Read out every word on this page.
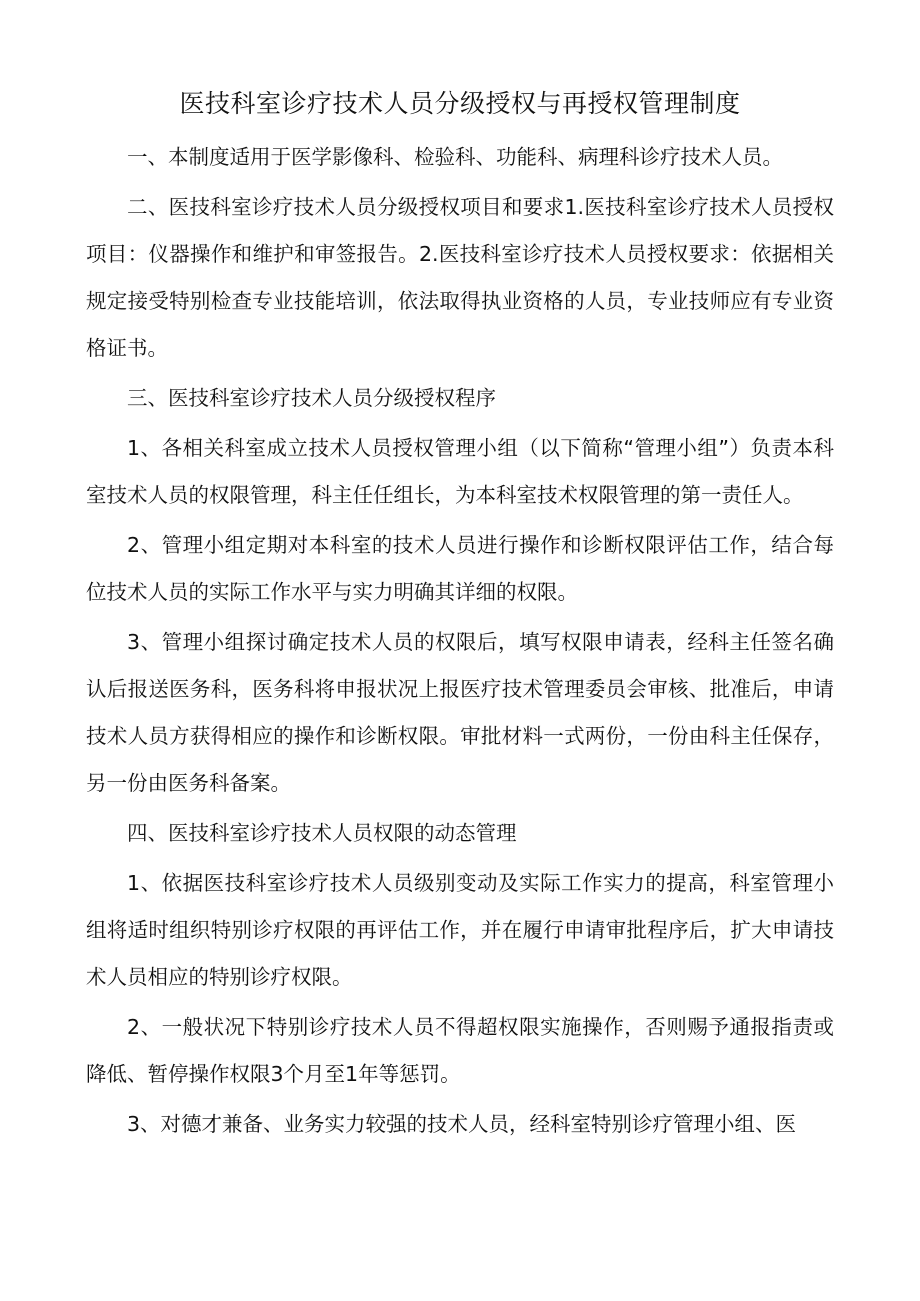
医技科室诊疗技术人员分级授权与再授权管理制度

一、本制度适用于医学影像科、检验科、功能科、病理科诊疗技术人员。

二、医技科室诊疗技术人员分级授权项目和要求1.医技科室诊疗技术人员授权项目：仪器操作和维护和审签报告。2.医技科室诊疗技术人员授权要求：依据相关规定接受特别检查专业技能培训，依法取得执业资格的人员，专业技师应有专业资格证书。

三、医技科室诊疗技术人员分级授权程序

1、各相关科室成立技术人员授权管理小组（以下简称“管理小组”）负责本科室技术人员的权限管理，科主任任组长，为本科室技术权限管理的第一责任人。

2、管理小组定期对本科室的技术人员进行操作和诊断权限评估工作，结合每位技术人员的实际工作水平与实力明确其详细的权限。

3、管理小组探讨确定技术人员的权限后，填写权限申请表，经科主任签名确认后报送医务科，医务科将申报状况上报医疗技术管理委员会审核、批准后，申请技术人员方获得相应的操作和诊断权限。审批材料一式两份，一份由科主任保存，另一份由医务科备案。

四、医技科室诊疗技术人员权限的动态管理

1、依据医技科室诊疗技术人员级别变动及实际工作实力的提高，科室管理小组将适时组织特别诊疗权限的再评估工作，并在履行申请审批程序后，扩大申请技术人员相应的特别诊疗权限。

2、一般状况下特别诊疗技术人员不得超权限实施操作，否则赐予通报指责或降低、暂停操作权限3个月至1年等惩罚。

3、对德才兼备、业务实力较强的技术人员，经科室特别诊疗管理小组、医
